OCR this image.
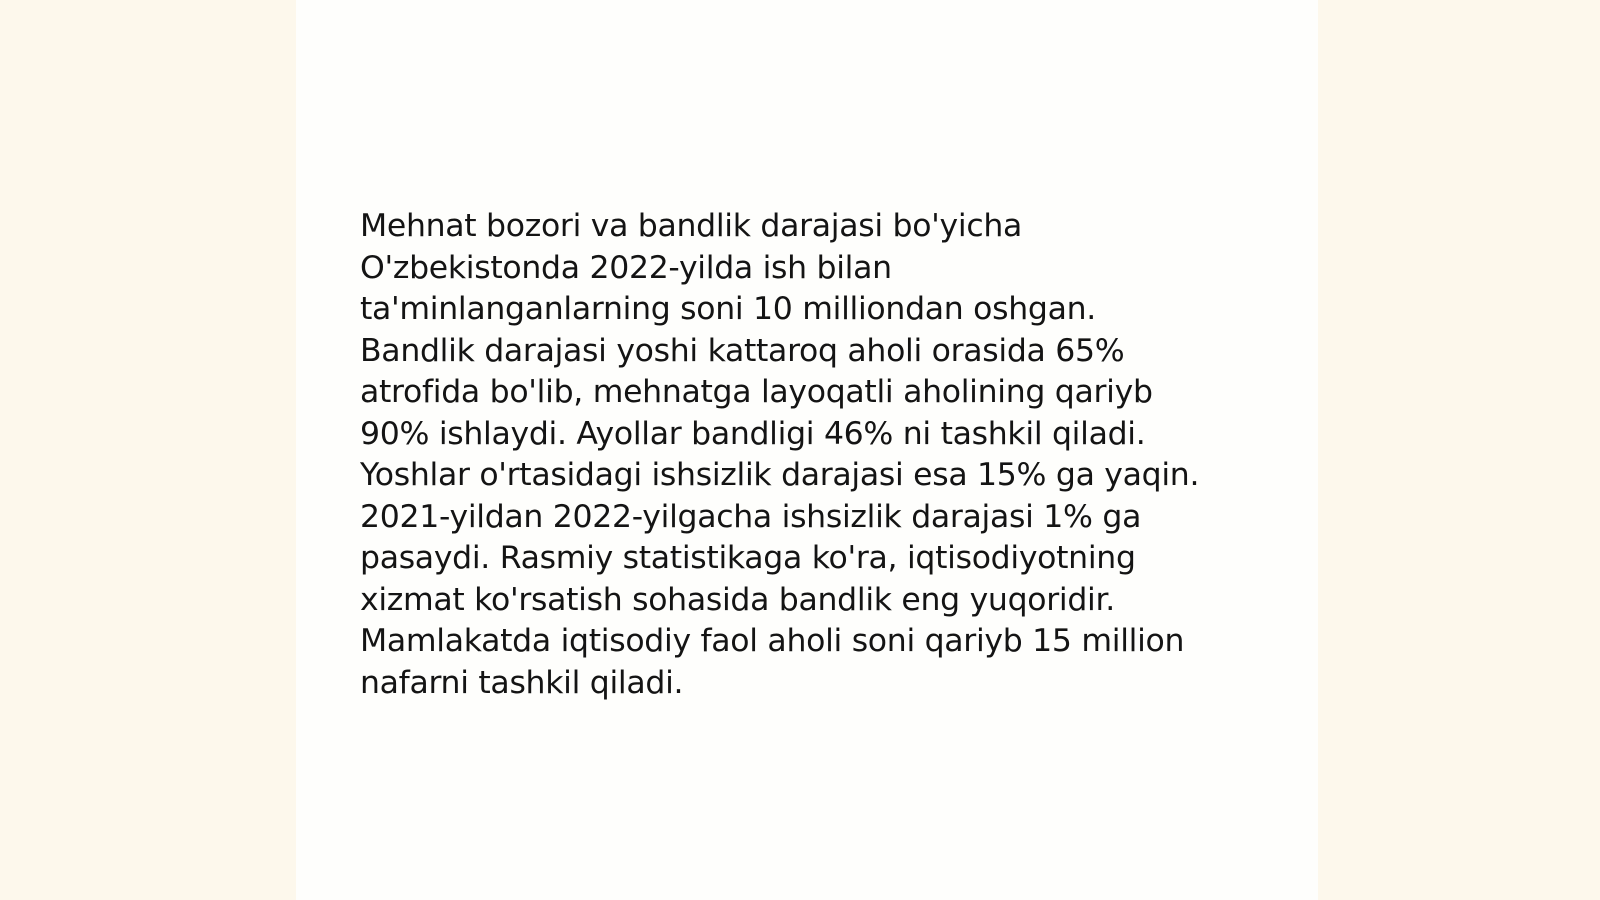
Mehnat bozori va bandlik darajasi bo'yicha
O'zbekistonda 2022-yilda ish bilan
ta'minlanganlarning soni 10 milliondan oshgan.
Bandlik darajasi yoshi kattaroq aholi orasida 65%
atrofida bo'lib, mehnatga layoqatli aholining qariyb
90% ishlaydi. Ayollar bandligi 46% ni tashkil qiladi.
Yoshlar o'rtasidagi ishsizlik darajasi esa 15% ga yaqin.
2021-yildan 2022-yilgacha ishsizlik darajasi 1% ga
pasaydi. Rasmiy statistikaga ko'ra, iqtisodiyotning
xizmat ko'rsatish sohasida bandlik eng yuqoridir.
Mamlakatda iqtisodiy faol aholi soni qariyb 15 million
nafarni tashkil qiladi.
